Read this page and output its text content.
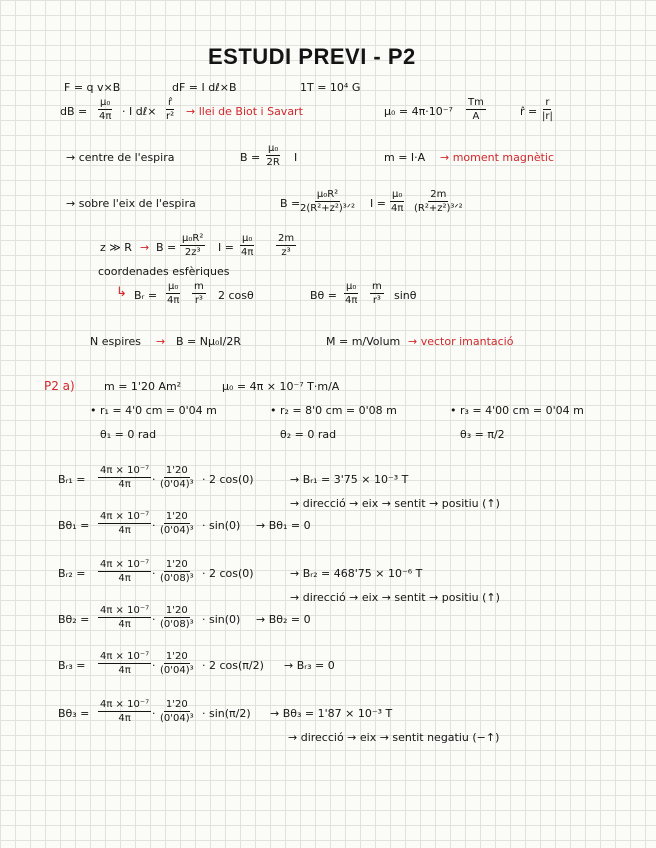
ESTUDI PREVI - P2
F = q v×B	dF = I dℓ×B	1T = 10⁴ G
dB = $\frac{\text{μ₀}}{4\pi} \cdot I$ dℓ× $\frac{r̂}{\text{r²}}$ → llei de Biot i Savart	$\mu_0 = 4\pi\cdot 10^{-7} \frac{Tm}{A}$	r̂ = $\frac{r}{|r|}$
→ centre de l'espira	$B = \frac{\text{μ₀}}{2R}$ I	m = I·A → moment magnètic
→ sobre l'eix de l'espira	B =
μ₀R²
2(R²+z²)³ᐟ² $I = \frac{\text{μ₀}}{4\pi}$	2m
(R²+z²)³ᐟ²
z ≫ $R \to B = \frac{\text{μ₀R²}}{\text{2z³}}$ $I = \frac{\text{μ₀}}{4\pi} \frac{2m}{\text{z³}}$
coordenades esfèriques
↳ Bᵣ = $\frac{\text{μ₀}}{4\pi} \frac{m}{\text{r³}} 2$ cosθ	$B\theta = \frac{\text{μ₀}}{4\pi} \frac{m}{\text{r³}}$ sinθ
N espires → B = Nμ₀I/2R	M = m/Volum → vector imantació
P2 a)	m = 1'20 Am²	μ₀ = 4π × 10⁻⁷ T·m/A
• r₁ = 4'0 cm = 0'04 m	• r₂ = 8'0 cm = 0'08 m	• r₃ = 4'00 cm = 0'04 m
θ₁ = 0 rad	θ₂ = 0 rad	θ₃ = π/2
Bᵣ₁ = $\frac{\text{4π × 10⁻⁷}}{4\pi} \cdot \frac{1'20}{\text{(0'04)³}} \cdot 2$ cos(0)	→ Bᵣ₁ = 3'75 × 10⁻³ T
→ direcció → eix → sentit → positiu (↑)
$B\theta_1 = \frac{\text{4π × 10⁻⁷}}{4\pi} \cdot \frac{1'20}{\text{(0'04)³}} \cdot \sin(0) \to B\theta_1 = 0$
Bᵣ₂ = $\frac{\text{4π × 10⁻⁷}}{4\pi} \cdot \frac{1'20}{\text{(0'08)³}} \cdot 2$ cos(0)	→ Bᵣ₂ = 468'75 × 10⁻⁶ T
→ direcció → eix → sentit → positiu (↑)
$B\theta_2 = \frac{\text{4π × 10⁻⁷}}{4\pi} \cdot \frac{1'20}{\text{(0'08)³}} \cdot \sin(0) \to B\theta_2 = 0$
Bᵣ₃ = $\frac{\text{4π × 10⁻⁷}}{4\pi} \cdot \frac{1'20}{\text{(0'04)³}} \cdot 2$ cos(π/2) → Bᵣ₃ = 0
$B\theta_3 = \frac{\text{4π × 10⁻⁷}}{4\pi} \cdot \frac{1'20}{\text{(0'04)³}} \cdot \sin(\pi/2) \to B\theta_3 = 1'87 \times 10^{-3}$ T
→ direcció → eix → sentit negatiu (−↑)
